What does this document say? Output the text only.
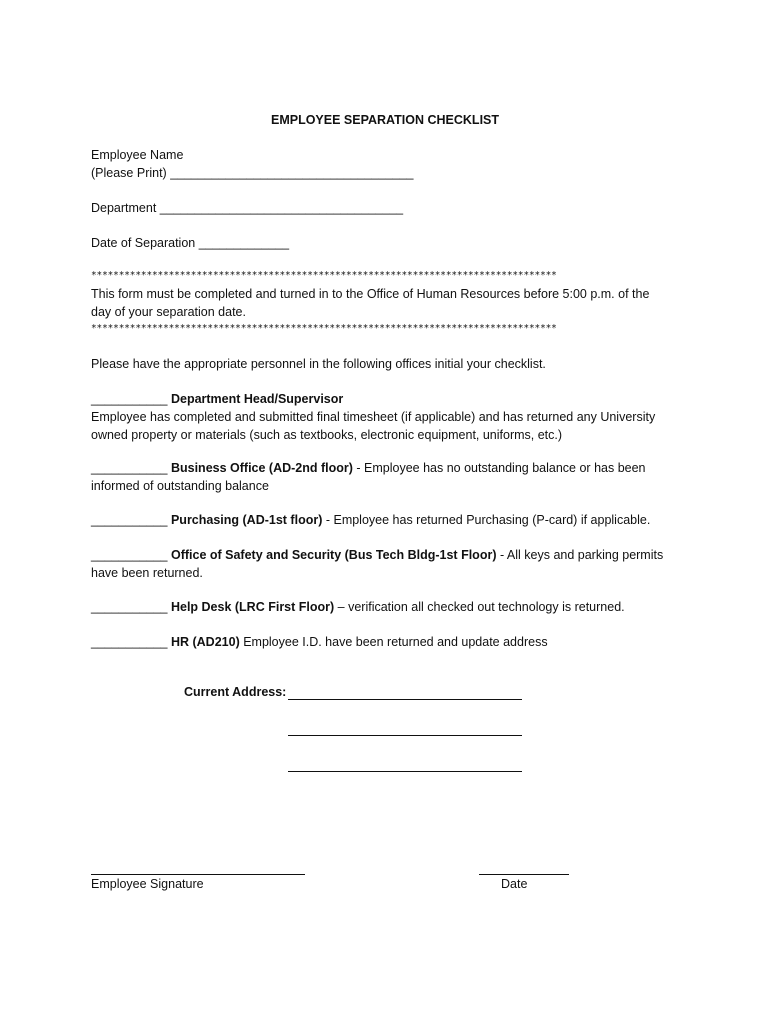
EMPLOYEE SEPARATION CHECKLIST
Employee Name
(Please Print) ___________________________________
Department ___________________________________
Date of Separation _____________
************************************************************************************
This form must be completed and turned in to the Office of Human Resources before 5:00 p.m. of the
day of your separation date.
************************************************************************************
Please have the appropriate personnel in the following offices initial your checklist.
___________ Department Head/Supervisor
Employee has completed and submitted final timesheet (if applicable) and has returned any University
owned property or materials (such as textbooks, electronic equipment, uniforms, etc.)
___________ Business Office (AD-2nd floor) - Employee has no outstanding balance or has been
informed of outstanding balance
___________ Purchasing (AD-1st floor) - Employee has returned Purchasing (P-card) if applicable.
___________ Office of Safety and Security (Bus Tech Bldg-1st Floor) - All keys and parking permits
have been returned.
___________ Help Desk (LRC First Floor) – verification all checked out technology is returned.
___________ HR (AD210) Employee I.D. have been returned and update address
Current Address:
Employee Signature	Date
